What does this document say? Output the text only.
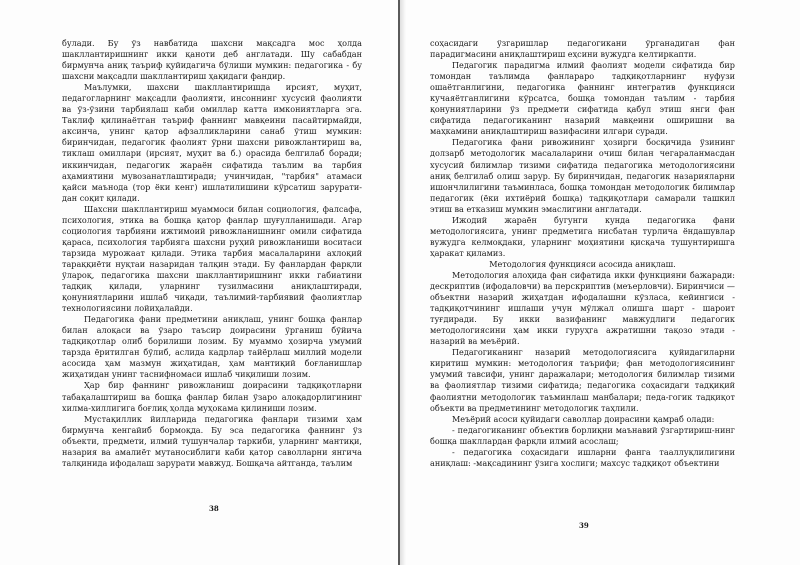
булади. Бу ўз навбатида шахсни мақсадга мос ҳолда шакллантиришнинг икки қаноти деб англатади. Шу сабабдан бирмунча аниқ таъриф қуйидагича бўлиши мумкин: педагогика - бу шахсни мақсадли шакллантириш ҳақидаги фандир.

Маълумки, шахсни шакллантиришда ирсият, муҳит, педагогларнинг мақсадли фаолияти, инсоннинг хусусий фаолияти ва ўз-ўзини тарбиялаш каби омиллар катта имкониятларга эга. Таклиф қилинаётган таъриф фаннинг мавқеини пасайтирмайди, аксинча, унинг қатор афзалликларини санаб ўтиш мумкин: биринчидан, педагогик фаолият ўрни шахсни ривожлантириш ва, тиклаш омиллари (ирсият, муҳит ва б.) орасида белгилаб боради; иккинчидан, педагогик жараён сифатида таълим ва тарбия аҳамиятини мувозанатлаштиради; учинчидан, "тарбия" атамаси қайси маънода (тор ёки кенг) ишлатилишини кўрсатиш зарурати-дан соқит қилади.

Шахсни шакллантириш муаммоси билан социология, фалсафа, психология, этика ва бошқа қатор фанлар шуғулланишади. Агар социология тарбияни ижтимоий ривожланишнинг омили сифатида қараса, психология тарбияга шахсни руҳий ривожланиши воситаси тарзида мурожаат қилади. Этика тарбия масалаларини ахлоқий тараққиёти нуқтаи назаридан талқин этади. Бу фанлардан фарқли ўлароқ, педагогика шахсни шакллантиришнинг икки габиатини тадқиқ қилади, уларнинг тузилмасини аниқлаштиради, қонуниятларини ишлаб чиқади, таълимий-тарбиявий фаолиятлар технологиясини лойиҳалайди.

Педагогика фани предметини аниқлаш, унинг бошқа фанлар билан алоқаси ва ўзаро таъсир доирасини ўрганиш бўйича тадқиқотлар олиб борилиши лозим. Бу муаммо ҳозирча умумий тарзда ёритилган бўлиб, аслида кадрлар тайёрлаш миллий модели асосида ҳам мазмун жиҳатидан, ҳам мантиқий боғланишлар жиҳатидан унинг таснифномаси ишлаб чиқилиши лозим.

Ҳар бир фаннинг ривожланиш доирасини тадқиқотларни табақалаштириш ва бошқа фанлар билан ўзаро алоқадорлигининг хилма-хиллигига боғлиқ ҳолда муҳокама қилиниши лозим.

Мустақиллик йилларида педагогика фанлари тизими ҳам бирмунча кенгайиб бормоқда. Бу эса педагогика фаннинг ўз объекти, предмети, илмий тушунчалар таркиби, уларнинг мантиқи, назария ва амалиёт мутаносиблиги каби қатор саволларни янгича талқинида ифодалаш зарурати мавжуд. Бошқача айтганда, таълим

38

соҳасидаги ўзгаришлар педагогикани ўрганадиган фан парадигмасини аниқлаштириш еҳсини вужудга келтиркапти.

Педагогик парадигма илмий фаолият модели сифатида бир томондан таълимда фанлараро тадқиқотларнинг нуфузи ошаётганлигини, педагогика фаннинг интегратив функцияси кучаяётганлигини кўрсатса, бошқа томондан таълим - тарбия қонуниятларини ўз предмети сифатида қабул этиш янги фан сифатида педагогиканинг назарий мавқеини оширишни ва маҳкамини аниқлаштириш вазифасини илгари суради.

Педагогика фани ривожининг ҳозирги босқичида ўзининг долзарб методологик масалаларини очиш билан чегараланмасдан хусусий билимлар тизими сифатида педагогика методологиясини аниқ белгилаб олиш зарур. Бу биринчидан, педагогик назарияларни ишончлилигини таъминласа, бошқа томондан методологик билимлар педагогик (ёки ихтиёрий бошқа) тадқиқотлари самарали ташкил этиш ва етказиш мумкин эмаслигини англатади.

Ижодий жараён бугунги кунда педагогика фани методологиясига, унинг предметига нисбатан турлича ёндашувлар вужудга келмоқдаки, уларнинг моҳиятини қисқача тушунтиришга ҳаракат қиламиз.

Методология функцияси асосида аниқлаш.

Методология алоҳида фан сифатида икки функцияни бажаради: дескриптив (ифодаловчи) ва перскриптив (меъерловчи). Биринчиси — объектни назарий жиҳатдан ифодалашни кўзласа, кейингиси - тадқиқотчининг ишлаши учун мўлжал олишга шарт - шароит туғдиради. Бу икки вазифанинг мавжудлиги педагогик методологиясини ҳам икки гуруҳга ажратишни тақозо этади - назарий ва меъёрий.

Педагогиканинг назарий методологиясига қуйидагиларни киритиш мумкин: методология таърифи; фан методологиясининг умумий тавсифи, унинг даражалари; методология билимлар тизими ва фаолиятлар тизими сифатида; педагогика соҳасидаги тадқиқий фаолиятни методологик таъминлаш манбалари; педа-гогик тадқиқот объекти ва предметининг методологик таҳлили.

Меъёрий асоси қуйидаги саволлар доирасини қамраб олади:

- педагогиканинг объектив борлиқни маънавий ўзгартириш-нинг бошқа шакллардан фарқли илмий асослаш;

- педагогика соҳасидаги ишларни фанга тааллуқлилигини аниқлаш: -мақсадининг ўзига хослиги; махсус тадқиқот объектини

39
